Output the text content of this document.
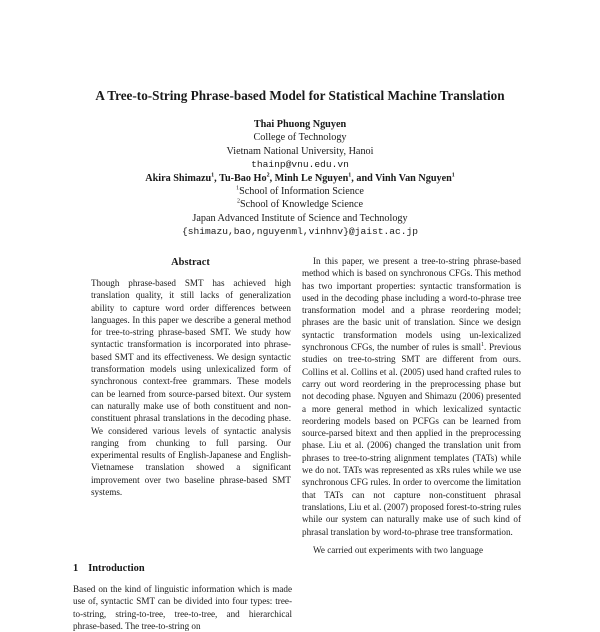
A Tree-to-String Phrase-based Model for Statistical Machine Translation
Thai Phuong Nguyen
College of Technology
Vietnam National University, Hanoi
thainp@vnu.edu.vn
Akira Shimazu$^1$, Tu-Bao Ho$^2$, Minh Le Nguyen$^1$, and Vinh Van Nguyen$^1$
$^1$School of Information Science
$^2$School of Knowledge Science
Japan Advanced Institute of Science and Technology
{shimazu,bao,nguyenml,vinhnv}@jaist.ac.jp
Abstract

Though phrase-based SMT has achieved high translation quality, it still lacks of generalization ability to capture word order differences between languages. In this paper we describe a general method for tree-to-string phrase-based SMT. We study how syntactic transformation is incorporated into phrase-based SMT and its effectiveness. We design syntactic transformation models using unlexicalized form of synchronous context-free grammars. These models can be learned from source-parsed bitext. Our system can naturally make use of both constituent and non-constituent phrasal translations in the decoding phase. We considered various levels of syntactic analysis ranging from chunking to full parsing. Our experimental results of English-Japanese and English-Vietnamese translation showed a significant improvement over two baseline phrase-based SMT systems.

1 Introduction

Based on the kind of linguistic information which is made use of, syntactic SMT can be divided into four types: tree-to-string, string-to-tree, tree-to-tree, and hierarchical phrase-based. The tree-to-string on

In this paper, we present a tree-to-string phrase-based method which is based on synchronous CFGs. This method has two important properties: syntactic transformation is used in the decoding phase including a word-to-phrase tree transformation model and a phrase reordering model; phrases are the basic unit of translation. Since we design syntactic transformation models using un-lexicalized synchronous CFGs, the number of rules is small$^1$. Previous studies on tree-to-string SMT are different from ours. Collins et al. Collins et al. (2005) used hand crafted rules to carry out word reordering in the preprocessing phase but not decoding phase. Nguyen and Shimazu (2006) presented a more general method in which lexicalized syntactic reordering models based on PCFGs can be learned from source-parsed bitext and then applied in the preprocessing phase. Liu et al. (2006) changed the translation unit from phrases to tree-to-string alignment templates (TATs) while we do not. TATs was represented as xRs rules while we use synchronous CFG rules. In order to overcome the limitation that TATs can not capture non-constituent phrasal translations, Liu et al. (2007) proposed forest-to-string rules while our system can naturally make use of such kind of phrasal translation by word-to-phrase tree transformation.

We carried out experiments with two language
